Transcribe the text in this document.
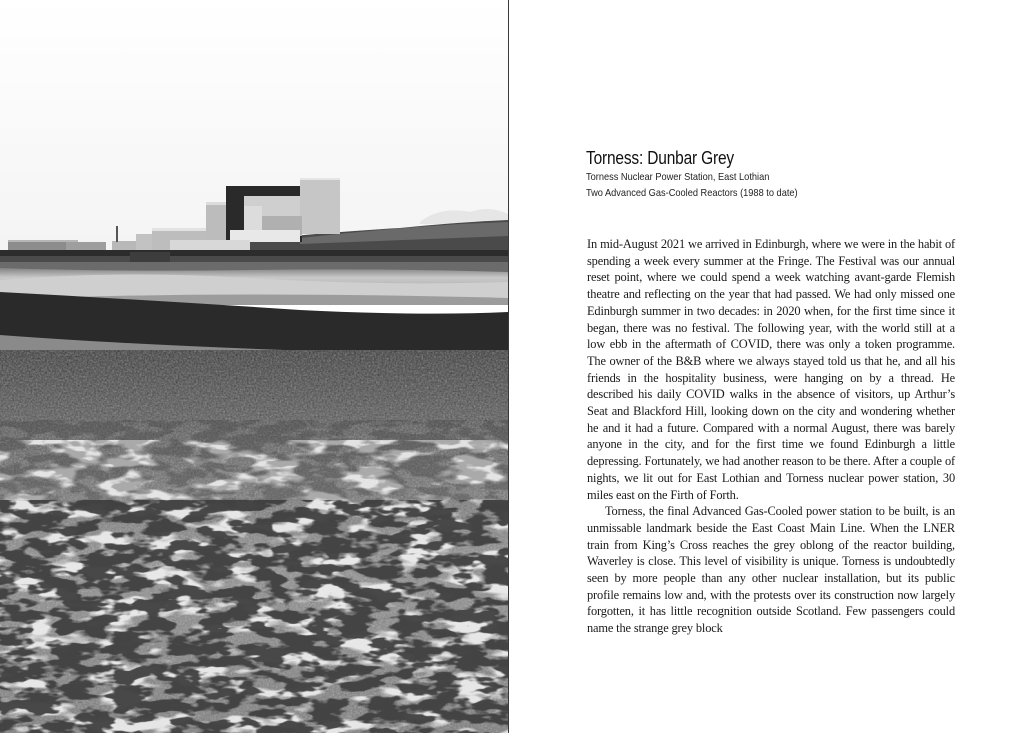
Torness: Dunbar Grey
Torness Nuclear Power Station, East Lothian
Two Advanced Gas-Cooled Reactors (1988 to date)

In mid-August 2021 we arrived in Edinburgh, where we were in the habit of spending a week every summer at the Fringe. The Festival was our annual reset point, where we could spend a week watching avant-garde Flemish theatre and reflecting on the year that had passed. We had only missed one Edinburgh summer in two decades: in 2020 when, for the first time since it began, there was no festival. The following year, with the world still at a low ebb in the aftermath of COVID, there was only a token programme. The owner of the B&B where we always stayed told us that he, and all his friends in the hospitality business, were hanging on by a thread. He described his daily COVID walks in the absence of visitors, up Arthur’s Seat and Blackford Hill, looking down on the city and wondering whether he and it had a future. Compared with a normal August, there was barely anyone in the city, and for the first time we found Edinburgh a little depressing. Fortunately, we had another reason to be there. After a couple of nights, we lit out for East Lothian and Torness nuclear power station, 30 miles east on the Firth of Forth.

Torness, the final Advanced Gas-Cooled power station to be built, is an unmissable landmark beside the East Coast Main Line. When the LNER train from King’s Cross reaches the grey oblong of the reactor building, Waverley is close. This level of visibility is unique. Torness is undoubtedly seen by more people than any other nuclear installation, but its public profile remains low and, with the protests over its construction now largely forgotten, it has little recognition outside Scotland. Few passengers could name the strange grey block
